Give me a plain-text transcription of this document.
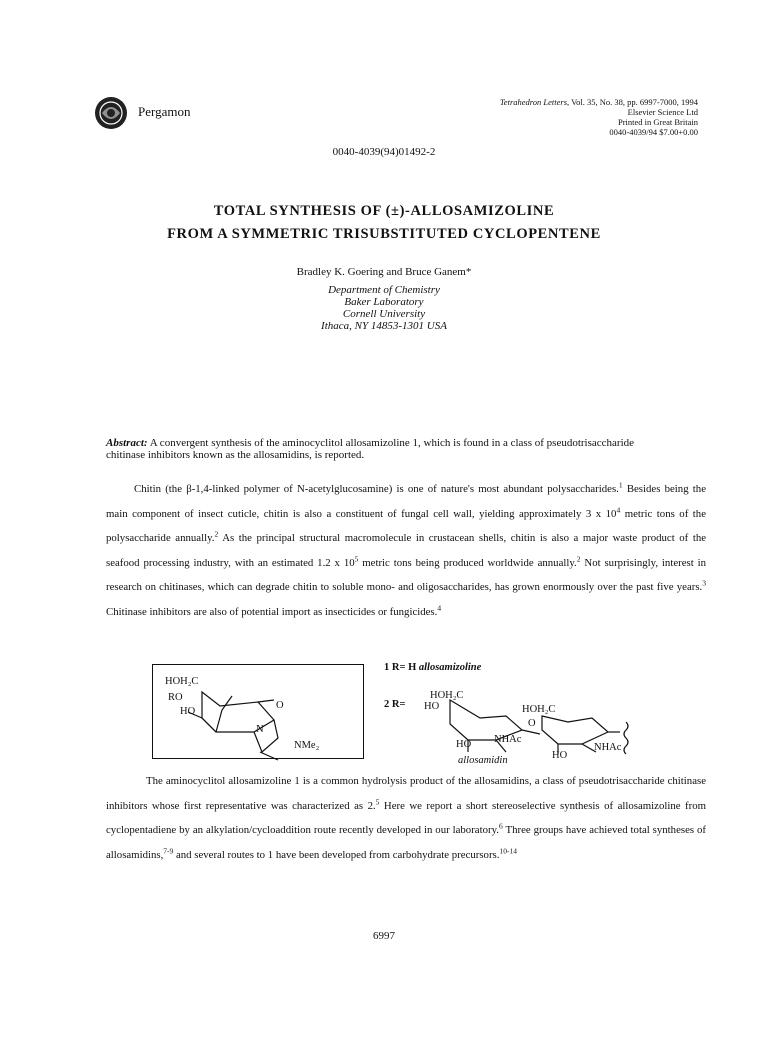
Pergamon
Tetrahedron Letters, Vol. 35, No. 38, pp. 6997-7000, 1994
Elsevier Science Ltd
Printed in Great Britain
0040-4039/94 $7.00+0.00
0040-4039(94)01492-2
TOTAL SYNTHESIS OF (±)-ALLOSAMIZOLINE
FROM A SYMMETRIC TRISUBSTITUTED CYCLOPENTENE
Bradley K. Goering and Bruce Ganem*
Department of Chemistry
Baker Laboratory
Cornell University
Ithaca, NY 14853-1301 USA
Abstract: A convergent synthesis of the aminocyclitol allosamizoline 1, which is found in a class of pseudotrisaccharide chitinase inhibitors known as the allosamidins, is reported.
Chitin (the β-1,4-linked polymer of N-acetylglucosamine) is one of nature's most abundant polysaccharides.$^1$ Besides being the main component of insect cuticle, chitin is also a constituent of fungal cell wall, yielding approximately 3 x $10^4$ metric tons of the polysaccharide annually.$^2$ As the principal structural macromolecule in crustacean shells, chitin is also a major waste product of the seafood processing industry, with an estimated 1.2 x $10^5$ metric tons being produced worldwide annually.$^2$ Not surprisingly, interest in research on chitinases, which can degrade chitin to soluble mono- and oligosaccharides, has grown enormously over the past five years.$^3$ Chitinase inhibitors are also of potential import as insecticides or fungicides.$^4$
HOH₂C
RO
HO
O
N
NMe₂
1 R= H allosamizoline
2 R=
HOH₂C
HO	HOH₂C
O
HO NHAc
HO
NHAc
allosamidin
The aminocyclitol allosamizoline 1 is a common hydrolysis product of the allosamidins, a class of pseudotrisaccharide chitinase inhibitors whose first representative was characterized as 2.$^5$ Here we report a short stereoselective synthesis of allosamizoline from cyclopentadiene by an alkylation/cycloaddition route recently developed in our laboratory.$^6$ Three groups have achieved total syntheses of allosamidins,$^{7-9}$ and several routes to 1 have been developed from carbohydrate precursors.$^{10-14}$
6997
